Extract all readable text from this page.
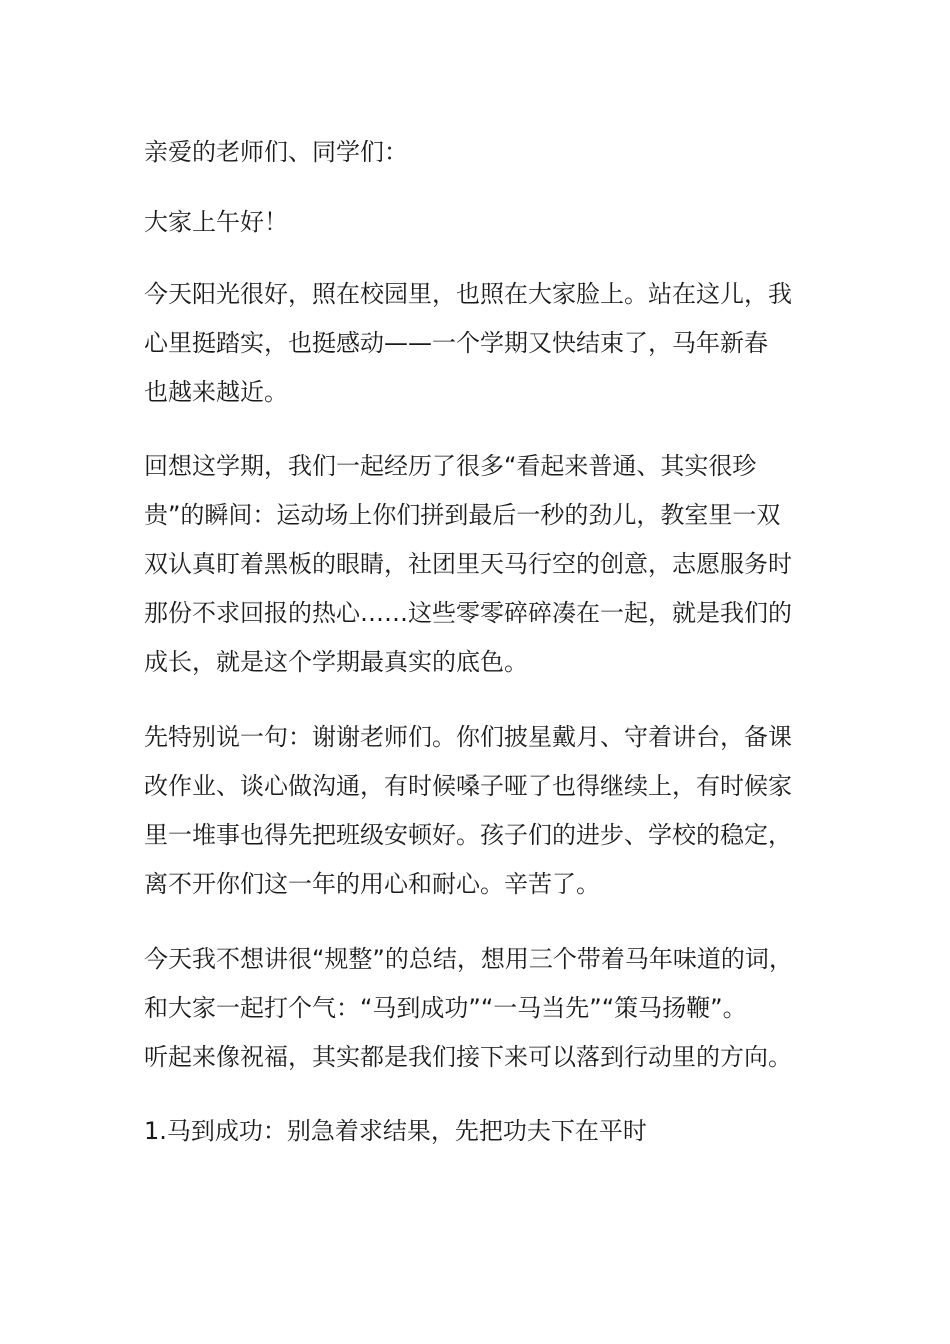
亲爱的老师们、同学们：

大家上午好！

今天阳光很好，照在校园里，也照在大家脸上。站在这儿，我
心里挺踏实，也挺感动——一个学期又快结束了，马年新春
也越来越近。

回想这学期，我们一起经历了很多“看起来普通、其实很珍
贵”的瞬间：运动场上你们拼到最后一秒的劲儿，教室里一双
双认真盯着黑板的眼睛，社团里天马行空的创意，志愿服务时
那份不求回报的热心……这些零零碎碎凑在一起，就是我们的
成长，就是这个学期最真实的底色。

先特别说一句：谢谢老师们。你们披星戴月、守着讲台，备课
改作业、谈心做沟通，有时候嗓子哑了也得继续上，有时候家
里一堆事也得先把班级安顿好。孩子们的进步、学校的稳定，
离不开你们这一年的用心和耐心。辛苦了。

今天我不想讲很“规整”的总结，想用三个带着马年味道的词，
和大家一起打个气：“马到成功”“一马当先”“策马扬鞭”。
听起来像祝福，其实都是我们接下来可以落到行动里的方向。

1.马到成功：别急着求结果，先把功夫下在平时
